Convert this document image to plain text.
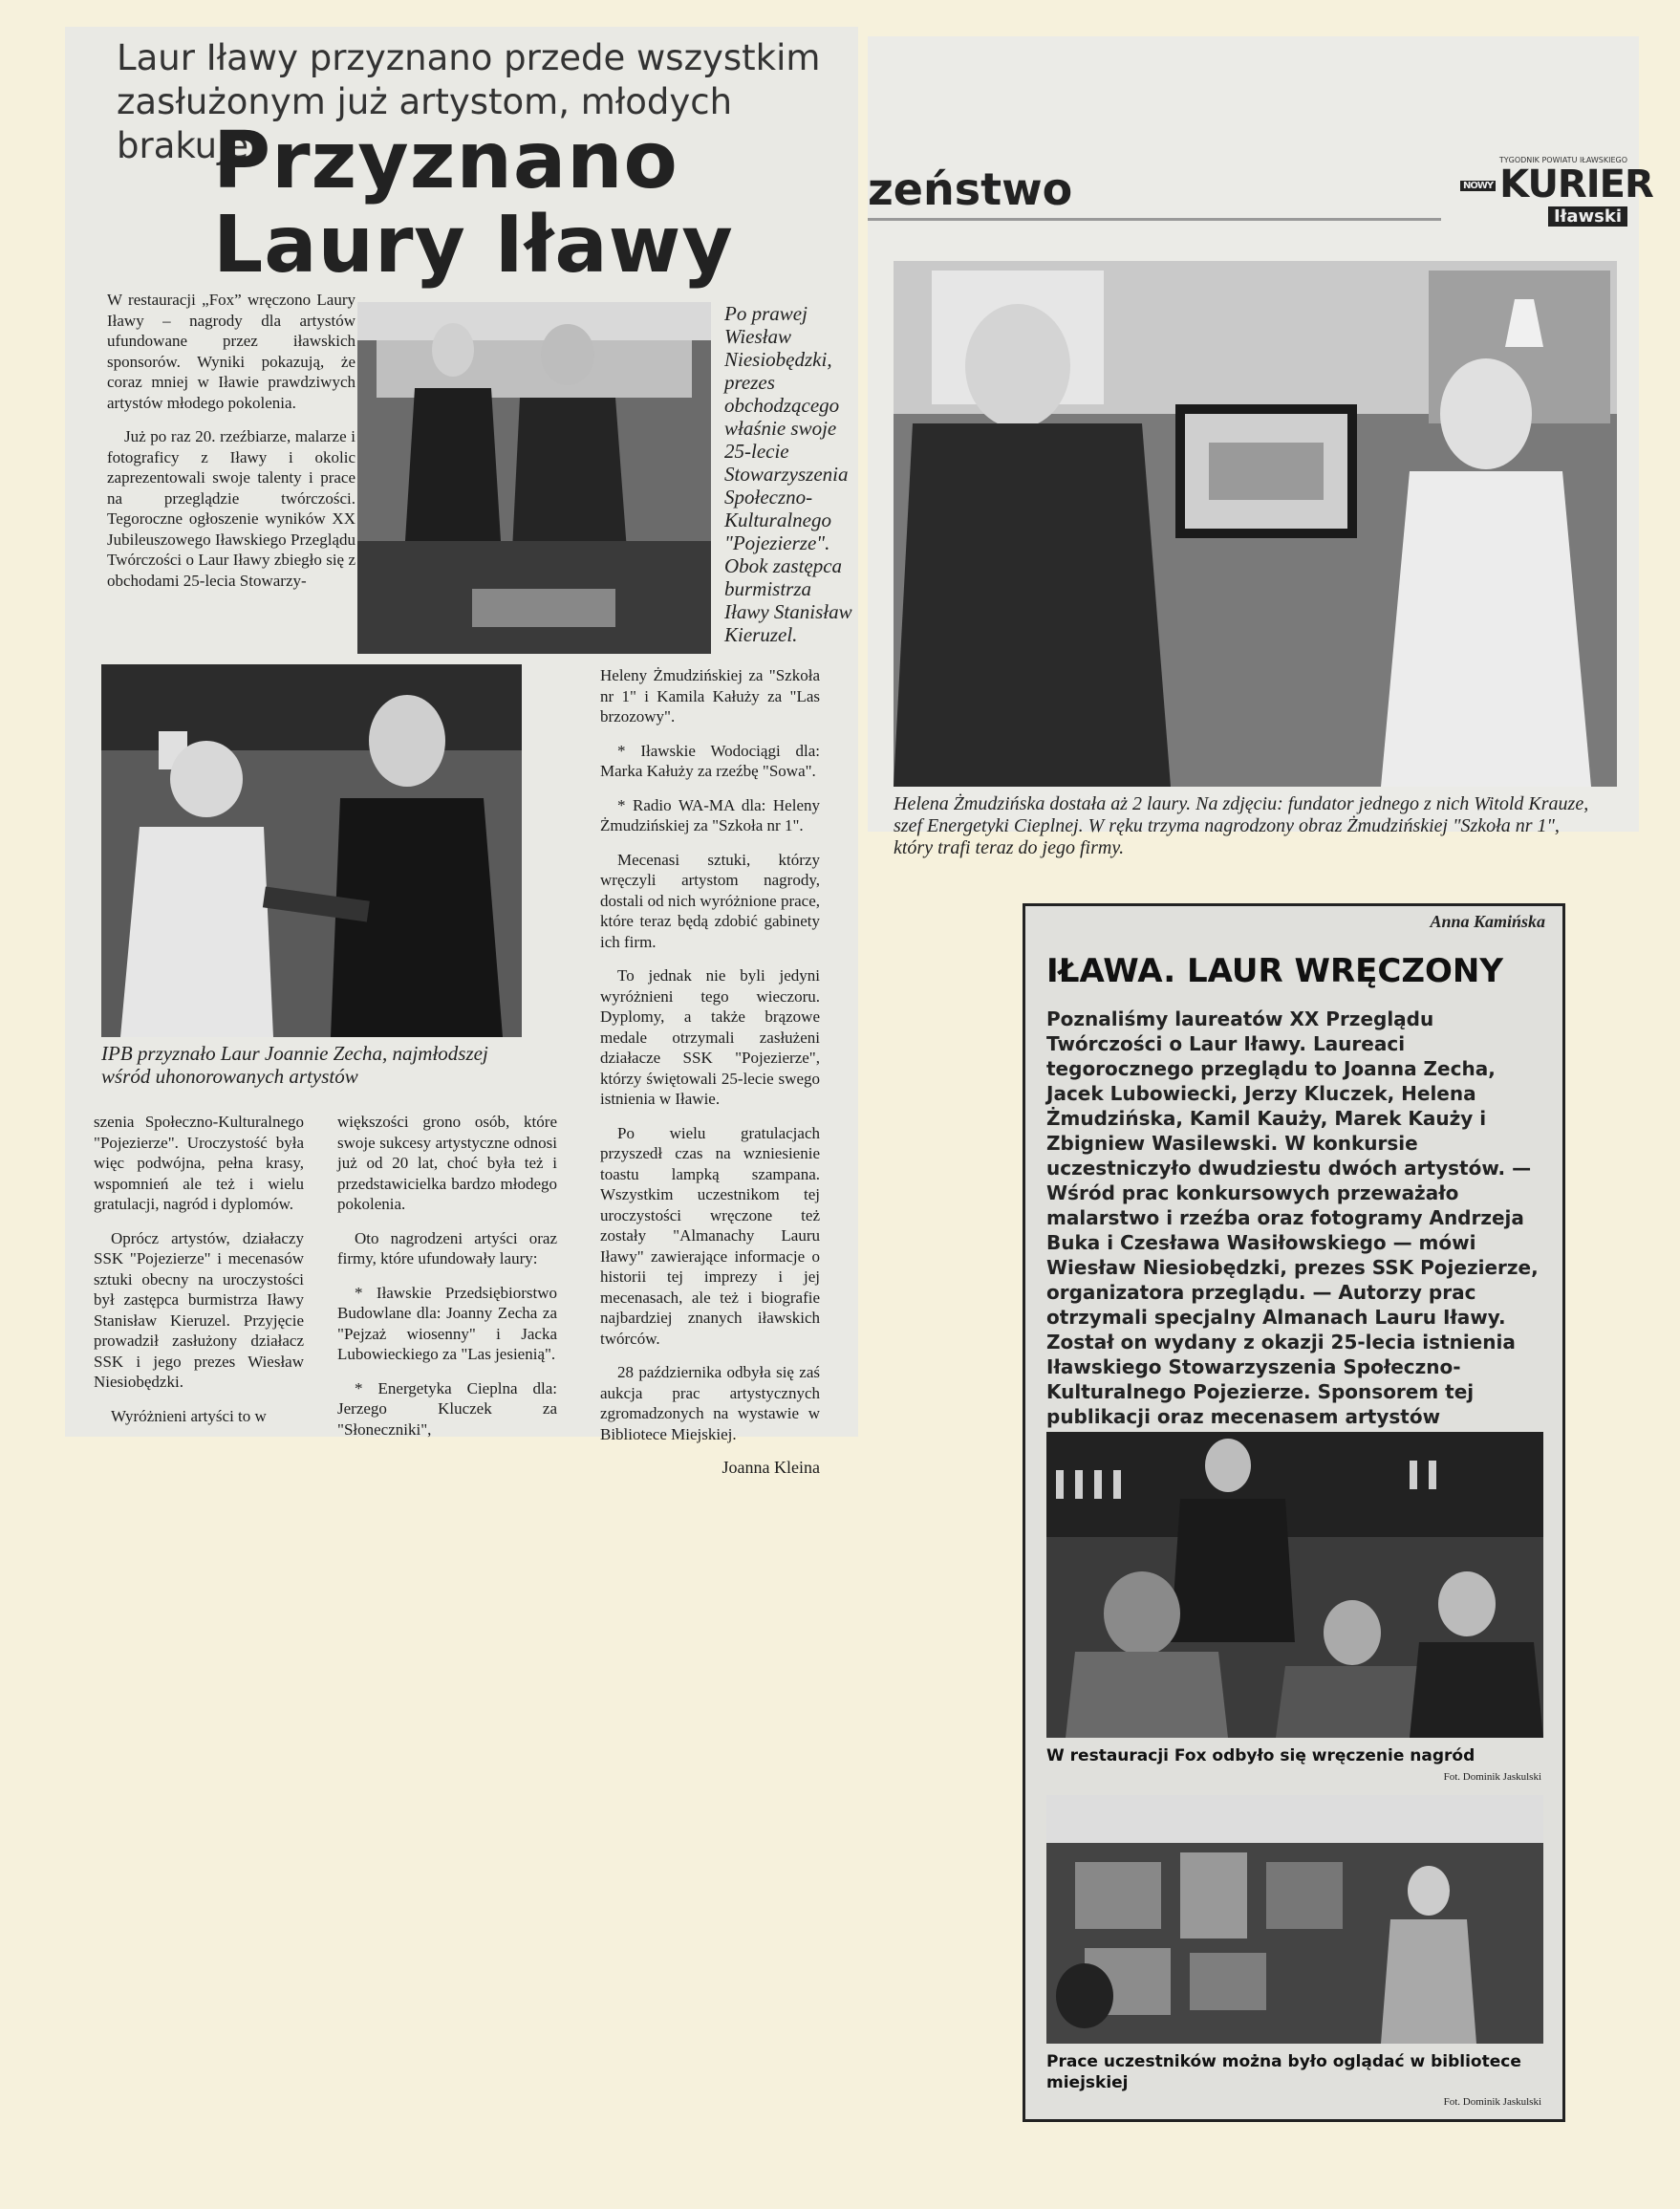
Laur Iławy przyznano przede wszystkim zasłużonym już artystom, młodych brakuje
Przyznano Laury Iławy

W restauracji „Fox” wręczono Laury Iławy – nagrody dla artystów ufundowane przez iławskich sponsorów. Wyniki pokazują, że coraz mniej w Iławie prawdziwych artystów młodego pokolenia.

Już po raz 20. rzeźbiarze, malarze i fotograficy z Iławy i okolic zaprezentowali swoje talenty i prace na przeglądzie twórczości. Tegoroczne ogłoszenie wyników XX Jubileuszowego Iławskiego Przeglądu Twórczości o Laur Iławy zbiegło się z obchodami 25-lecia Stowarzy-

Po prawej Wiesław Niesiobędzki, prezes obchodzącego właśnie swoje 25-lecie Stowarzyszenia Społeczno-Kulturalnego "Pojezierze". Obok zastępca burmistrza Iławy Stanisław Kieruzel.
IPB przyznało Laur Joannie Zecha, najmłodszej wśród uhonorowanych artystów

Heleny Żmudzińskiej za "Szkoła nr 1" i Kamila Kałuży za "Las brzozowy".

* Iławskie Wodociągi dla: Marka Kałuży za rzeźbę "Sowa".

* Radio WA-MA dla: Heleny Żmudzińskiej za "Szkoła nr 1".

Mecenasi sztuki, którzy wręczyli artystom nagrody, dostali od nich wyróżnione prace, które teraz będą zdobić gabinety ich firm.

To jednak nie byli jedyni wyróżnieni tego wieczoru. Dyplomy, a także brązowe medale otrzymali zasłużeni działacze SSK "Pojezierze", którzy świętowali 25-lecie swego istnienia w Iławie.

Po wielu gratulacjach przyszedł czas na wzniesienie toastu lampką szampana. Wszystkim uczestnikom tej uroczystości wręczone też zostały "Almanachy Lauru Iławy" zawierające informacje o historii tej imprezy i jej mecenasach, ale też i biografie najbardziej znanych iławskich twórców.

28 października odbyła się zaś aukcja prac artystycznych zgromadzonych na wystawie w Bibliotece Miejskiej.

Joanna Kleina

szenia Społeczno-Kulturalnego "Pojezierze". Uroczystość była więc podwójna, pełna krasy, wspomnień ale też i wielu gratulacji, nagród i dyplomów.

Oprócz artystów, działaczy SSK "Pojezierze" i mecenasów sztuki obecny na uroczystości był zastępca burmistrza Iławy Stanisław Kieruzel. Przyjęcie prowadził zasłużony działacz SSK i jego prezes Wiesław Niesiobędzki.

Wyróżnieni artyści to w

większości grono osób, które swoje sukcesy artystyczne odnosi już od 20 lat, choć była też i przedstawicielka bardzo młodego pokolenia.

Oto nagrodzeni artyści oraz firmy, które ufundowały laury:

* Iławskie Przedsiębiorstwo Budowlane dla: Joanny Zecha za "Pejzaż wiosenny" i Jacka Lubowieckiego za "Las jesienią".

* Energetyka Cieplna dla: Jerzego Kluczek za "Słoneczniki",

zeństwo
TYGODNIK POWIATU IŁAWSKIEGO
NOWY KURIER
Iławski
Helena Żmudzińska dostała aż 2 laury. Na zdjęciu: fundator jednego z nich Witold Krauze, szef Energetyki Cieplnej. W ręku trzyma nagrodzony obraz Żmudzińskiej "Szkoła nr 1", który trafi teraz do jego firmy.
Anna Kamińska
IŁAWA. LAUR WRĘCZONY
Poznaliśmy laureatów XX Przeglądu Twórczości o Laur Iławy. Laureaci tegorocznego przeglądu to Joanna Zecha, Jacek Lubowiecki, Jerzy Kluczek, Helena Żmudzińska, Kamil Kauży, Marek Kauży i Zbigniew Wasilewski. W konkursie uczestniczyło dwudziestu dwóch artystów. — Wśród prac konkursowych przeważało malarstwo i rzeźba oraz fotogramy Andrzeja Buka i Czesława Wasiłowskiego — mówi Wiesław Niesiobędzki, prezes SSK Pojezierze, organizatora przeglądu. — Autorzy prac otrzymali specjalny Almanach Lauru Iławy. Został on wydany z okazji 25-lecia istnienia Iławskiego Stowarzyszenia Społeczno-Kulturalnego Pojezierze. Sponsorem tej publikacji oraz mecenasem artystów
W restauracji Fox odbyło się wręczenie nagród
Fot. Dominik Jaskulski
Prace uczestników można było oglądać w bibliotece miejskiej
Fot. Dominik Jaskulski
